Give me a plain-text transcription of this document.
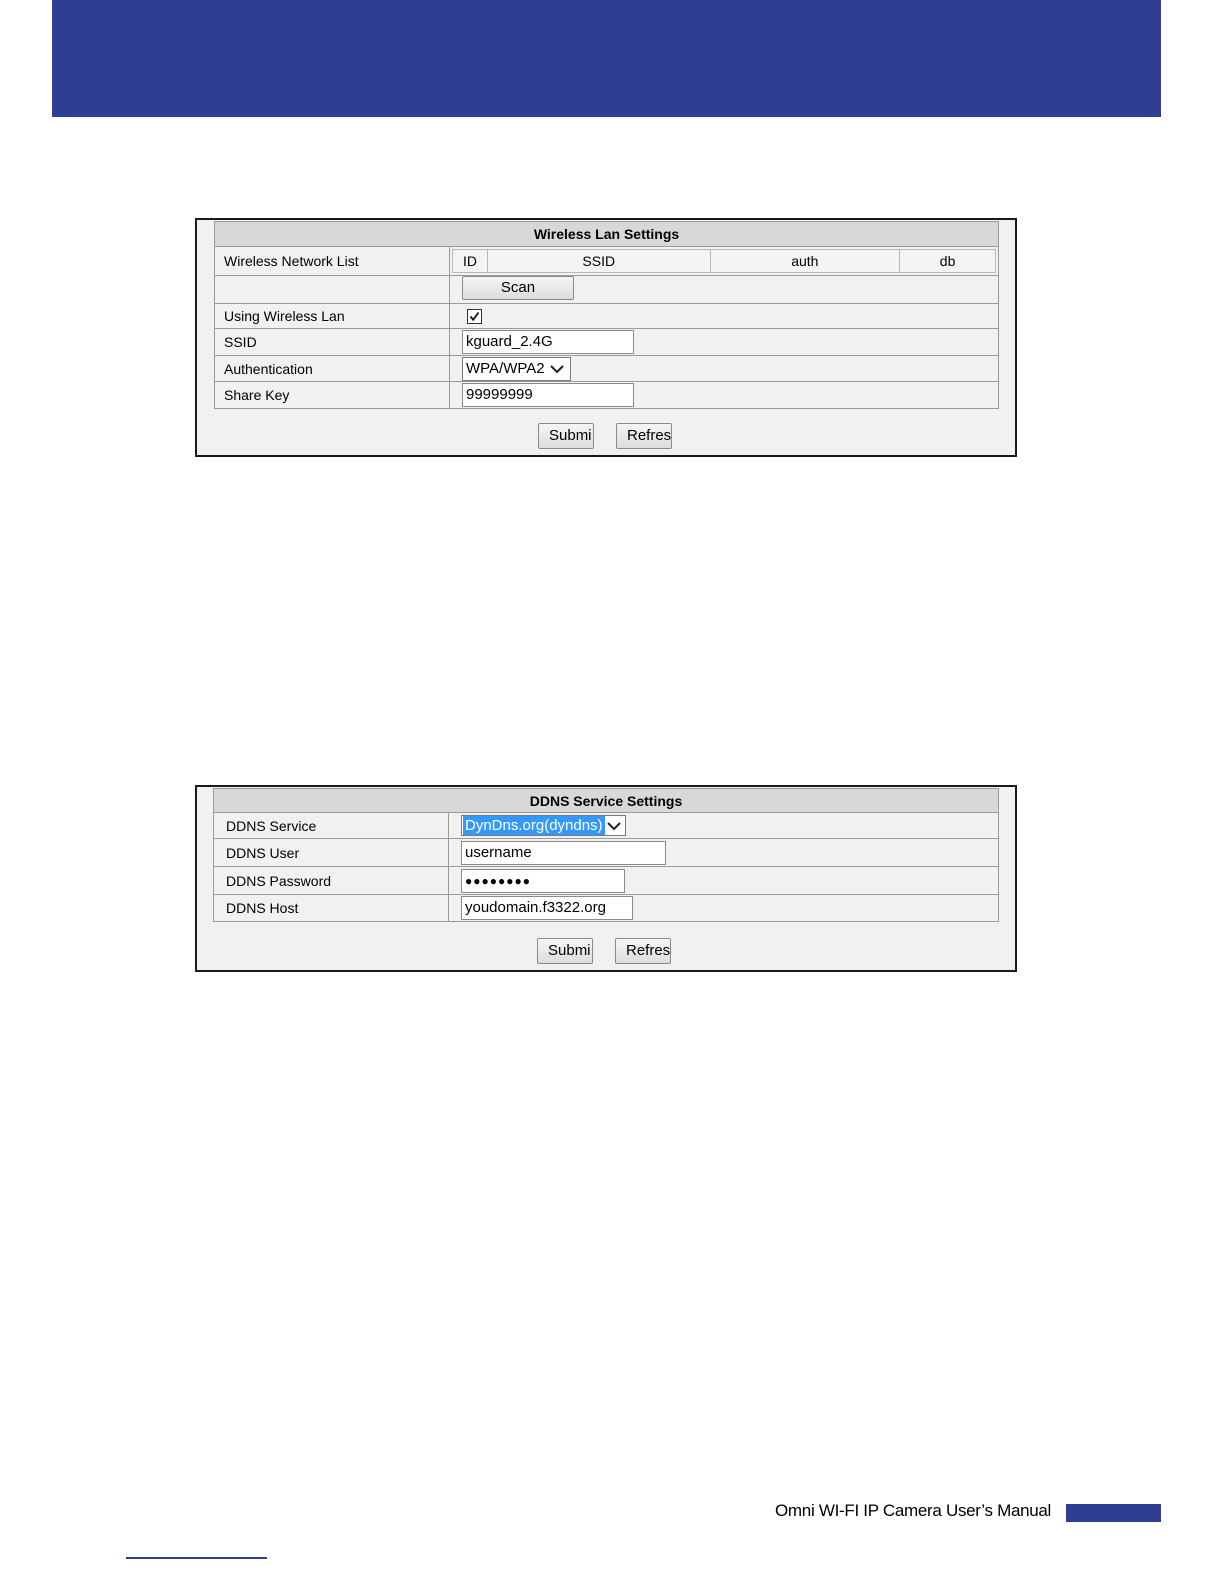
Wireless Lan Settings
Wireless Network List		ID	SSID	auth	db

	Scan
Using Wireless Lan	

SSID	kguard_2.4G
Authentication	WPA/WPA2

Share Key	99999999
Submi	Refres
DDNS Service Settings	
DDNS Service	DynDns.org(dyndns)

DDNS User	username
DDNS Password	●●●●●●●●
DDNS Host	youdomain.f3322.org
Submi	Refres
Omni WI-FI IP Camera User’s Manual
